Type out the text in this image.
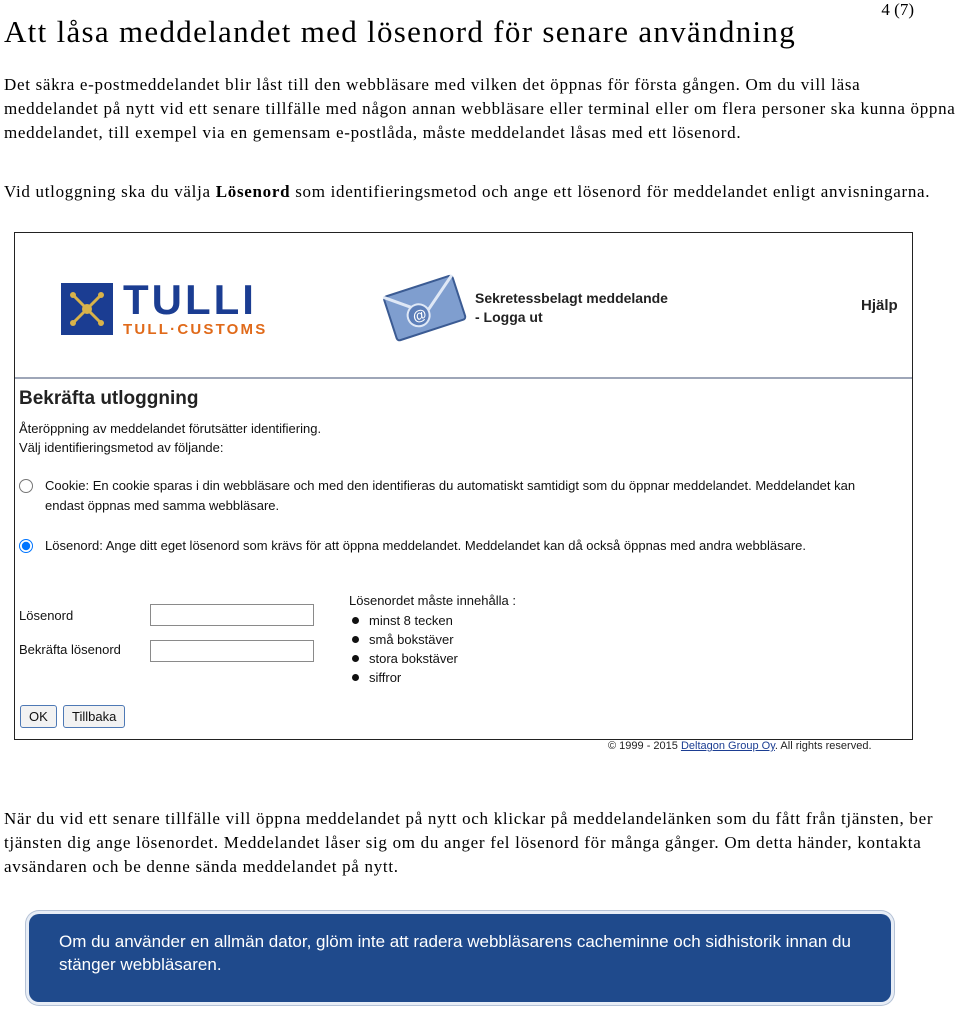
4 (7)
Att låsa meddelandet med lösenord för senare användning

Det säkra e-postmeddelandet blir låst till den webbläsare med vilken det öppnas för första gången. Om du vill läsa meddelandet på nytt vid ett senare tillfälle med någon annan webbläsare eller terminal eller om flera personer ska kunna öppna meddelandet, till exempel via en gemensam e-postlåda, måste meddelandet låsas med ett lösenord.

Vid utloggning ska du välja Lösenord som identifieringsmetod och ange ett lösenord för meddelandet enligt anvisningarna.

TULLI
TULL·CUSTOMS
@
Sekretessbelagt meddelande
- Logga ut
Hjälp
Bekräfta utloggning
Återöppning av meddelandet förutsätter identifiering.
Välj identifieringsmetod av följande:
Cookie: En cookie sparas i din webbläsare och med den identifieras du automatiskt samtidigt som du öppnar meddelandet. Meddelandet kan endast öppnas med samma webbläsare.
Lösenord: Ange ditt eget lösenord som krävs för att öppna meddelandet. Meddelandet kan då också öppnas med andra webbläsare.
Lösenord
Bekräfta lösenord
Lösenordet måste innehålla :
minst 8 tecken
små bokstäver
stora bokstäver
siffror
OK	Tillbaka
© 1999 - 2015 Deltagon Group Oy. All rights reserved.

När du vid ett senare tillfälle vill öppna meddelandet på nytt och klickar på meddelandelänken som du fått från tjänsten, ber tjänsten dig ange lösenordet. Meddelandet låser sig om du anger fel lösenord för många gånger. Om detta händer, kontakta avsändaren och be denne sända meddelandet på nytt.

Om du använder en allmän dator, glöm inte att radera webbläsarens cacheminne och sidhistorik innan du stänger webbläsaren.
